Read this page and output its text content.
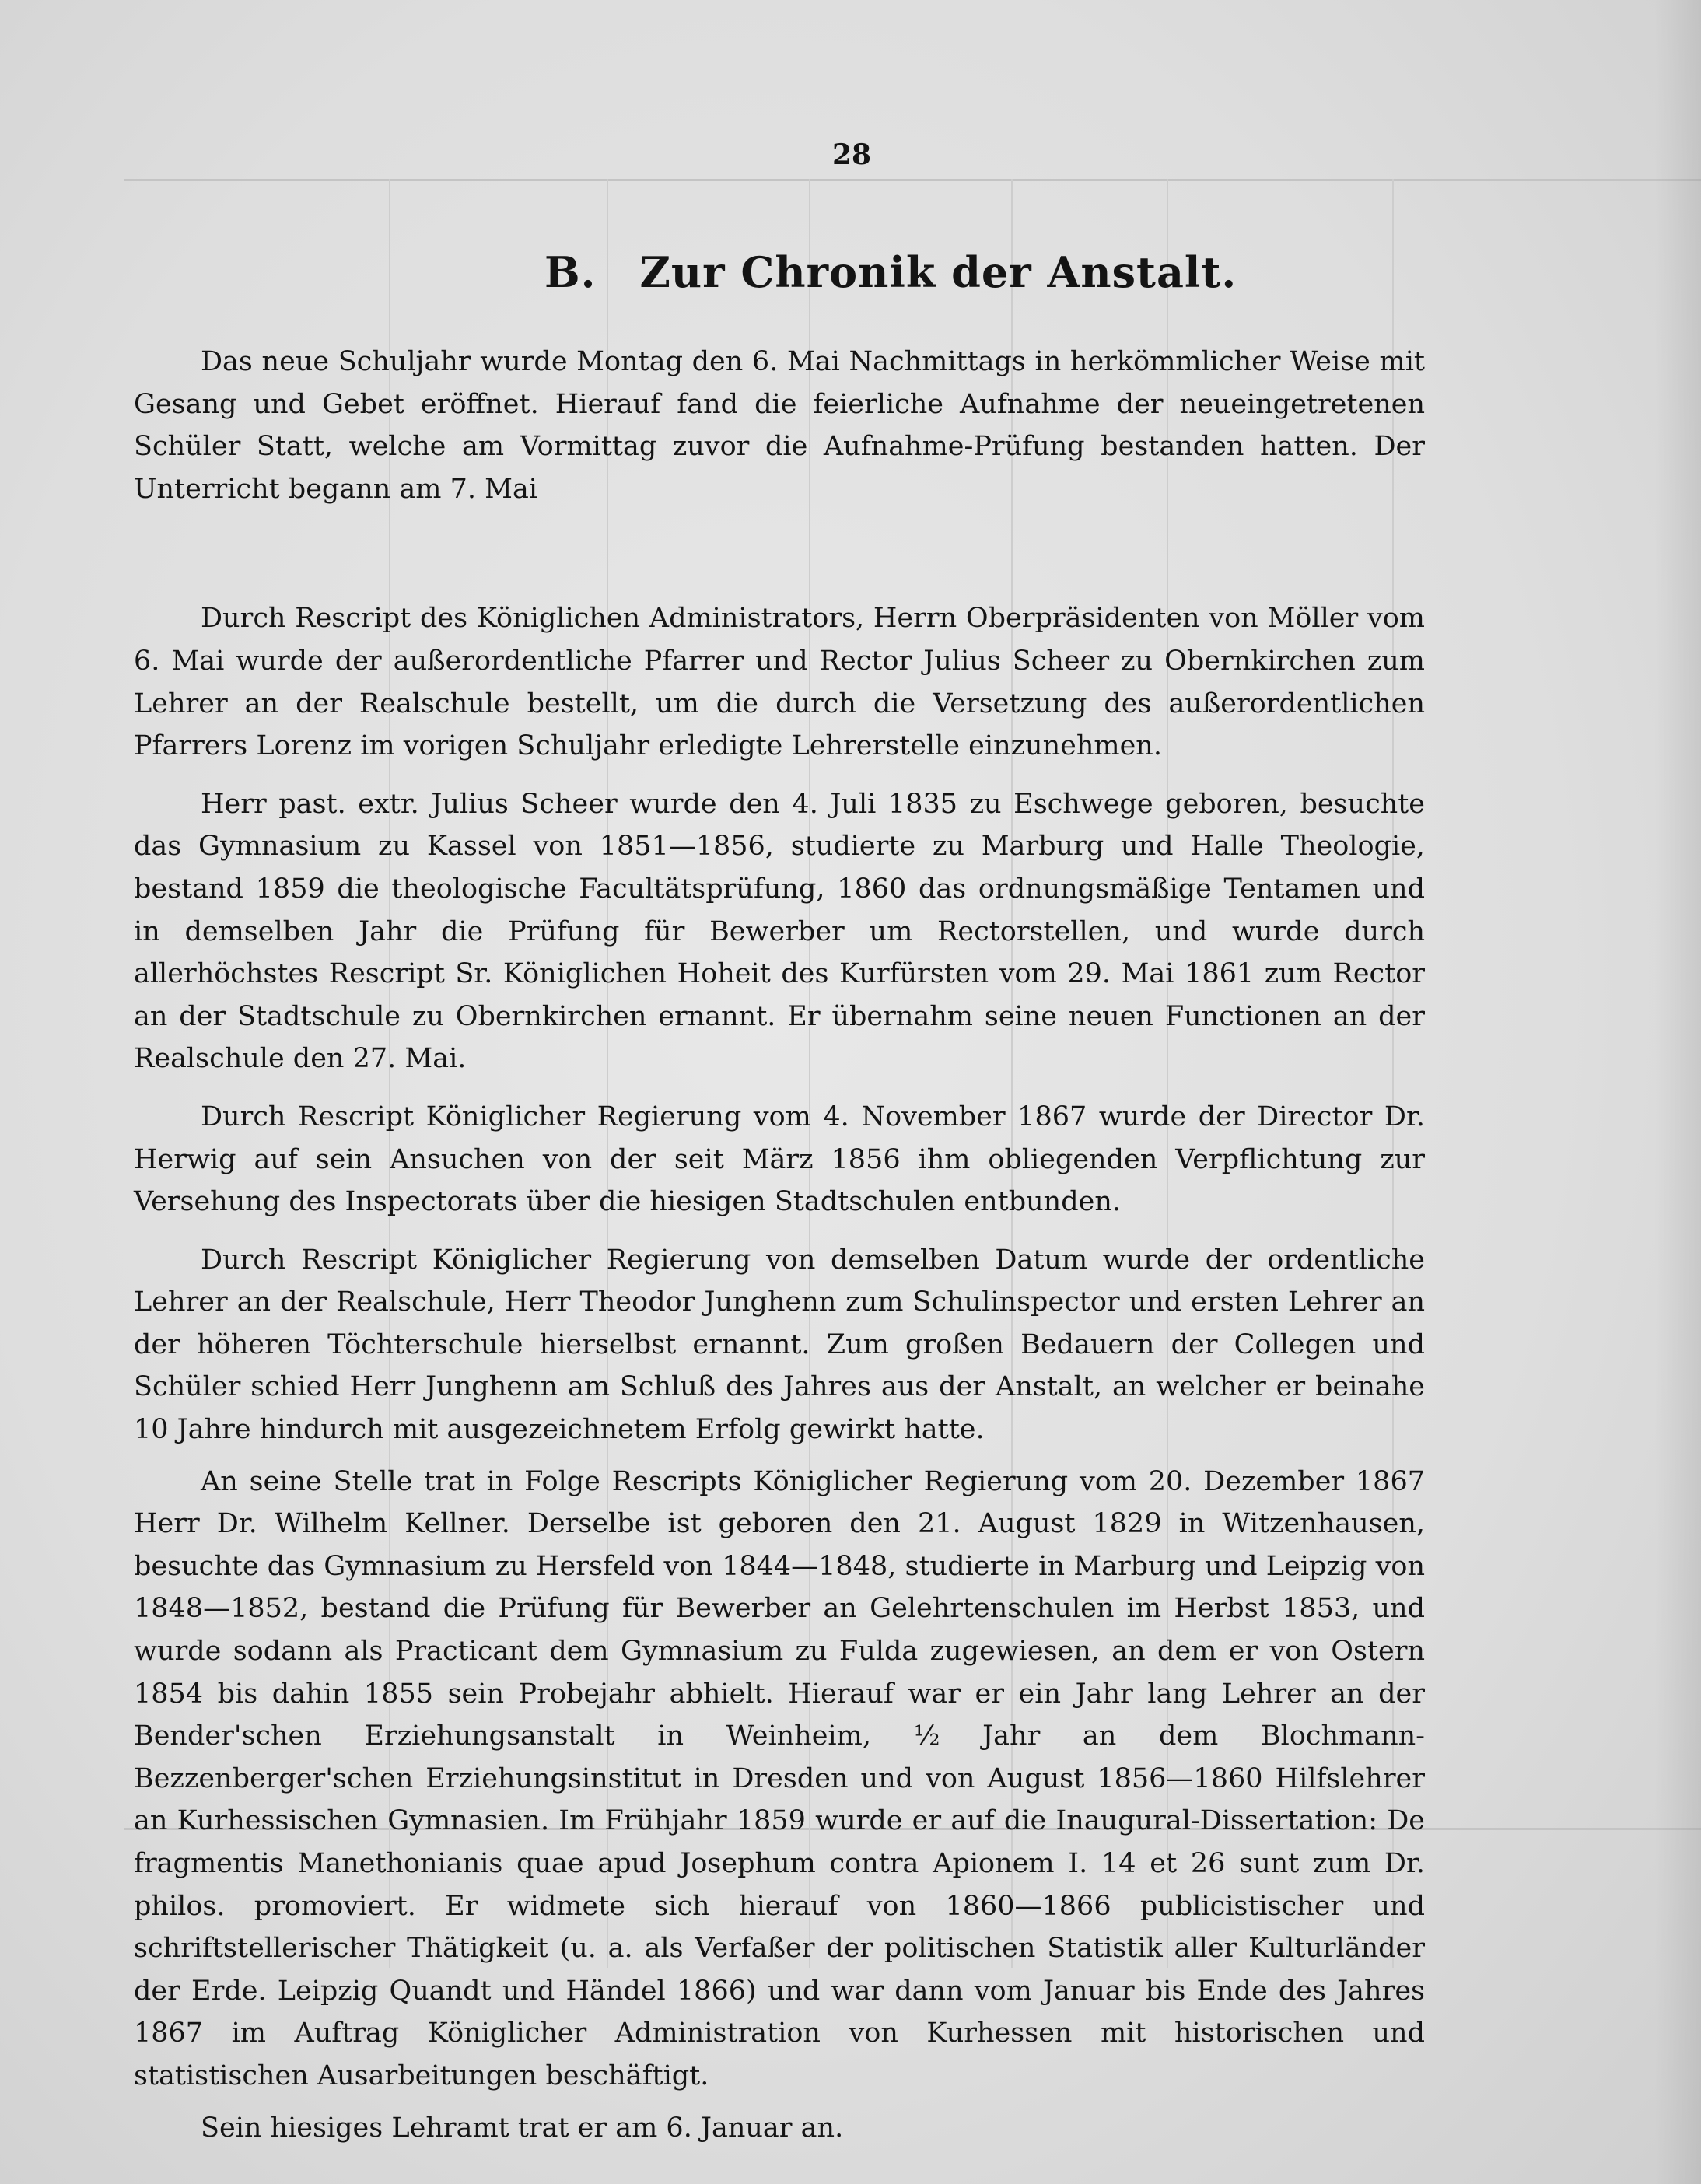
28

B. Zur Chronik der Anstalt.

Das neue Schuljahr wurde Montag den 6. Mai Nachmittags in herkömmlicher Weise mit Gesang und Gebet eröffnet. Hierauf fand die feierliche Aufnahme der neueingetretenen Schüler Statt, welche am Vormittag zuvor die Aufnahme-Prüfung bestanden hatten. Der Unterricht begann am 7. Mai

Durch Rescript des Königlichen Administrators, Herrn Oberpräsidenten von Möller vom 6. Mai wurde der außerordentliche Pfarrer und Rector Julius Scheer zu Obernkirchen zum Lehrer an der Realschule bestellt, um die durch die Versetzung des außerordentlichen Pfarrers Lorenz im vorigen Schuljahr erledigte Lehrerstelle einzunehmen.

Herr past. extr. Julius Scheer wurde den 4. Juli 1835 zu Eschwege geboren, besuchte das Gymnasium zu Kassel von 1851—1856, studierte zu Marburg und Halle Theologie, bestand 1859 die theologische Facultätsprüfung, 1860 das ordnungsmäßige Tentamen und in demselben Jahr die Prüfung für Bewerber um Rectorstellen, und wurde durch allerhöchstes Rescript Sr. Königlichen Hoheit des Kurfürsten vom 29. Mai 1861 zum Rector an der Stadtschule zu Obernkirchen ernannt. Er übernahm seine neuen Functionen an der Realschule den 27. Mai.

Durch Rescript Königlicher Regierung vom 4. November 1867 wurde der Director Dr. Herwig auf sein Ansuchen von der seit März 1856 ihm obliegenden Verpflichtung zur Versehung des Inspectorats über die hiesigen Stadtschulen entbunden.

Durch Rescript Königlicher Regierung von demselben Datum wurde der ordentliche Lehrer an der Realschule, Herr Theodor Junghenn zum Schulinspector und ersten Lehrer an der höheren Töchterschule hierselbst ernannt. Zum großen Bedauern der Collegen und Schüler schied Herr Junghenn am Schluß des Jahres aus der Anstalt, an welcher er beinahe 10 Jahre hindurch mit ausgezeichnetem Erfolg gewirkt hatte.

An seine Stelle trat in Folge Rescripts Königlicher Regierung vom 20. Dezember 1867 Herr Dr. Wilhelm Kellner. Derselbe ist geboren den 21. August 1829 in Witzenhausen, besuchte das Gymnasium zu Hersfeld von 1844—1848, studierte in Marburg und Leipzig von 1848—1852, bestand die Prüfung für Bewerber an Gelehrtenschulen im Herbst 1853, und wurde sodann als Practicant dem Gymnasium zu Fulda zugewiesen, an dem er von Ostern 1854 bis dahin 1855 sein Probejahr abhielt. Hierauf war er ein Jahr lang Lehrer an der Bender'schen Erziehungsanstalt in Weinheim, ½ Jahr an dem Blochmann-Bezzenberger'schen Erziehungsinstitut in Dresden und von August 1856—1860 Hilfslehrer an Kurhessischen Gymnasien. Im Frühjahr 1859 wurde er auf die Inaugural-Dissertation: De fragmentis Manethonianis quae apud Josephum contra Apionem I. 14 et 26 sunt zum Dr. philos. promoviert. Er widmete sich hierauf von 1860—1866 publicistischer und schriftstellerischer Thätigkeit (u. a. als Verfaßer der politischen Statistik aller Kulturländer der Erde. Leipzig Quandt und Händel 1866) und war dann vom Januar bis Ende des Jahres 1867 im Auftrag Königlicher Administration von Kurhessen mit historischen und statistischen Ausarbeitungen beschäftigt.

Sein hiesiges Lehramt trat er am 6. Januar an.
